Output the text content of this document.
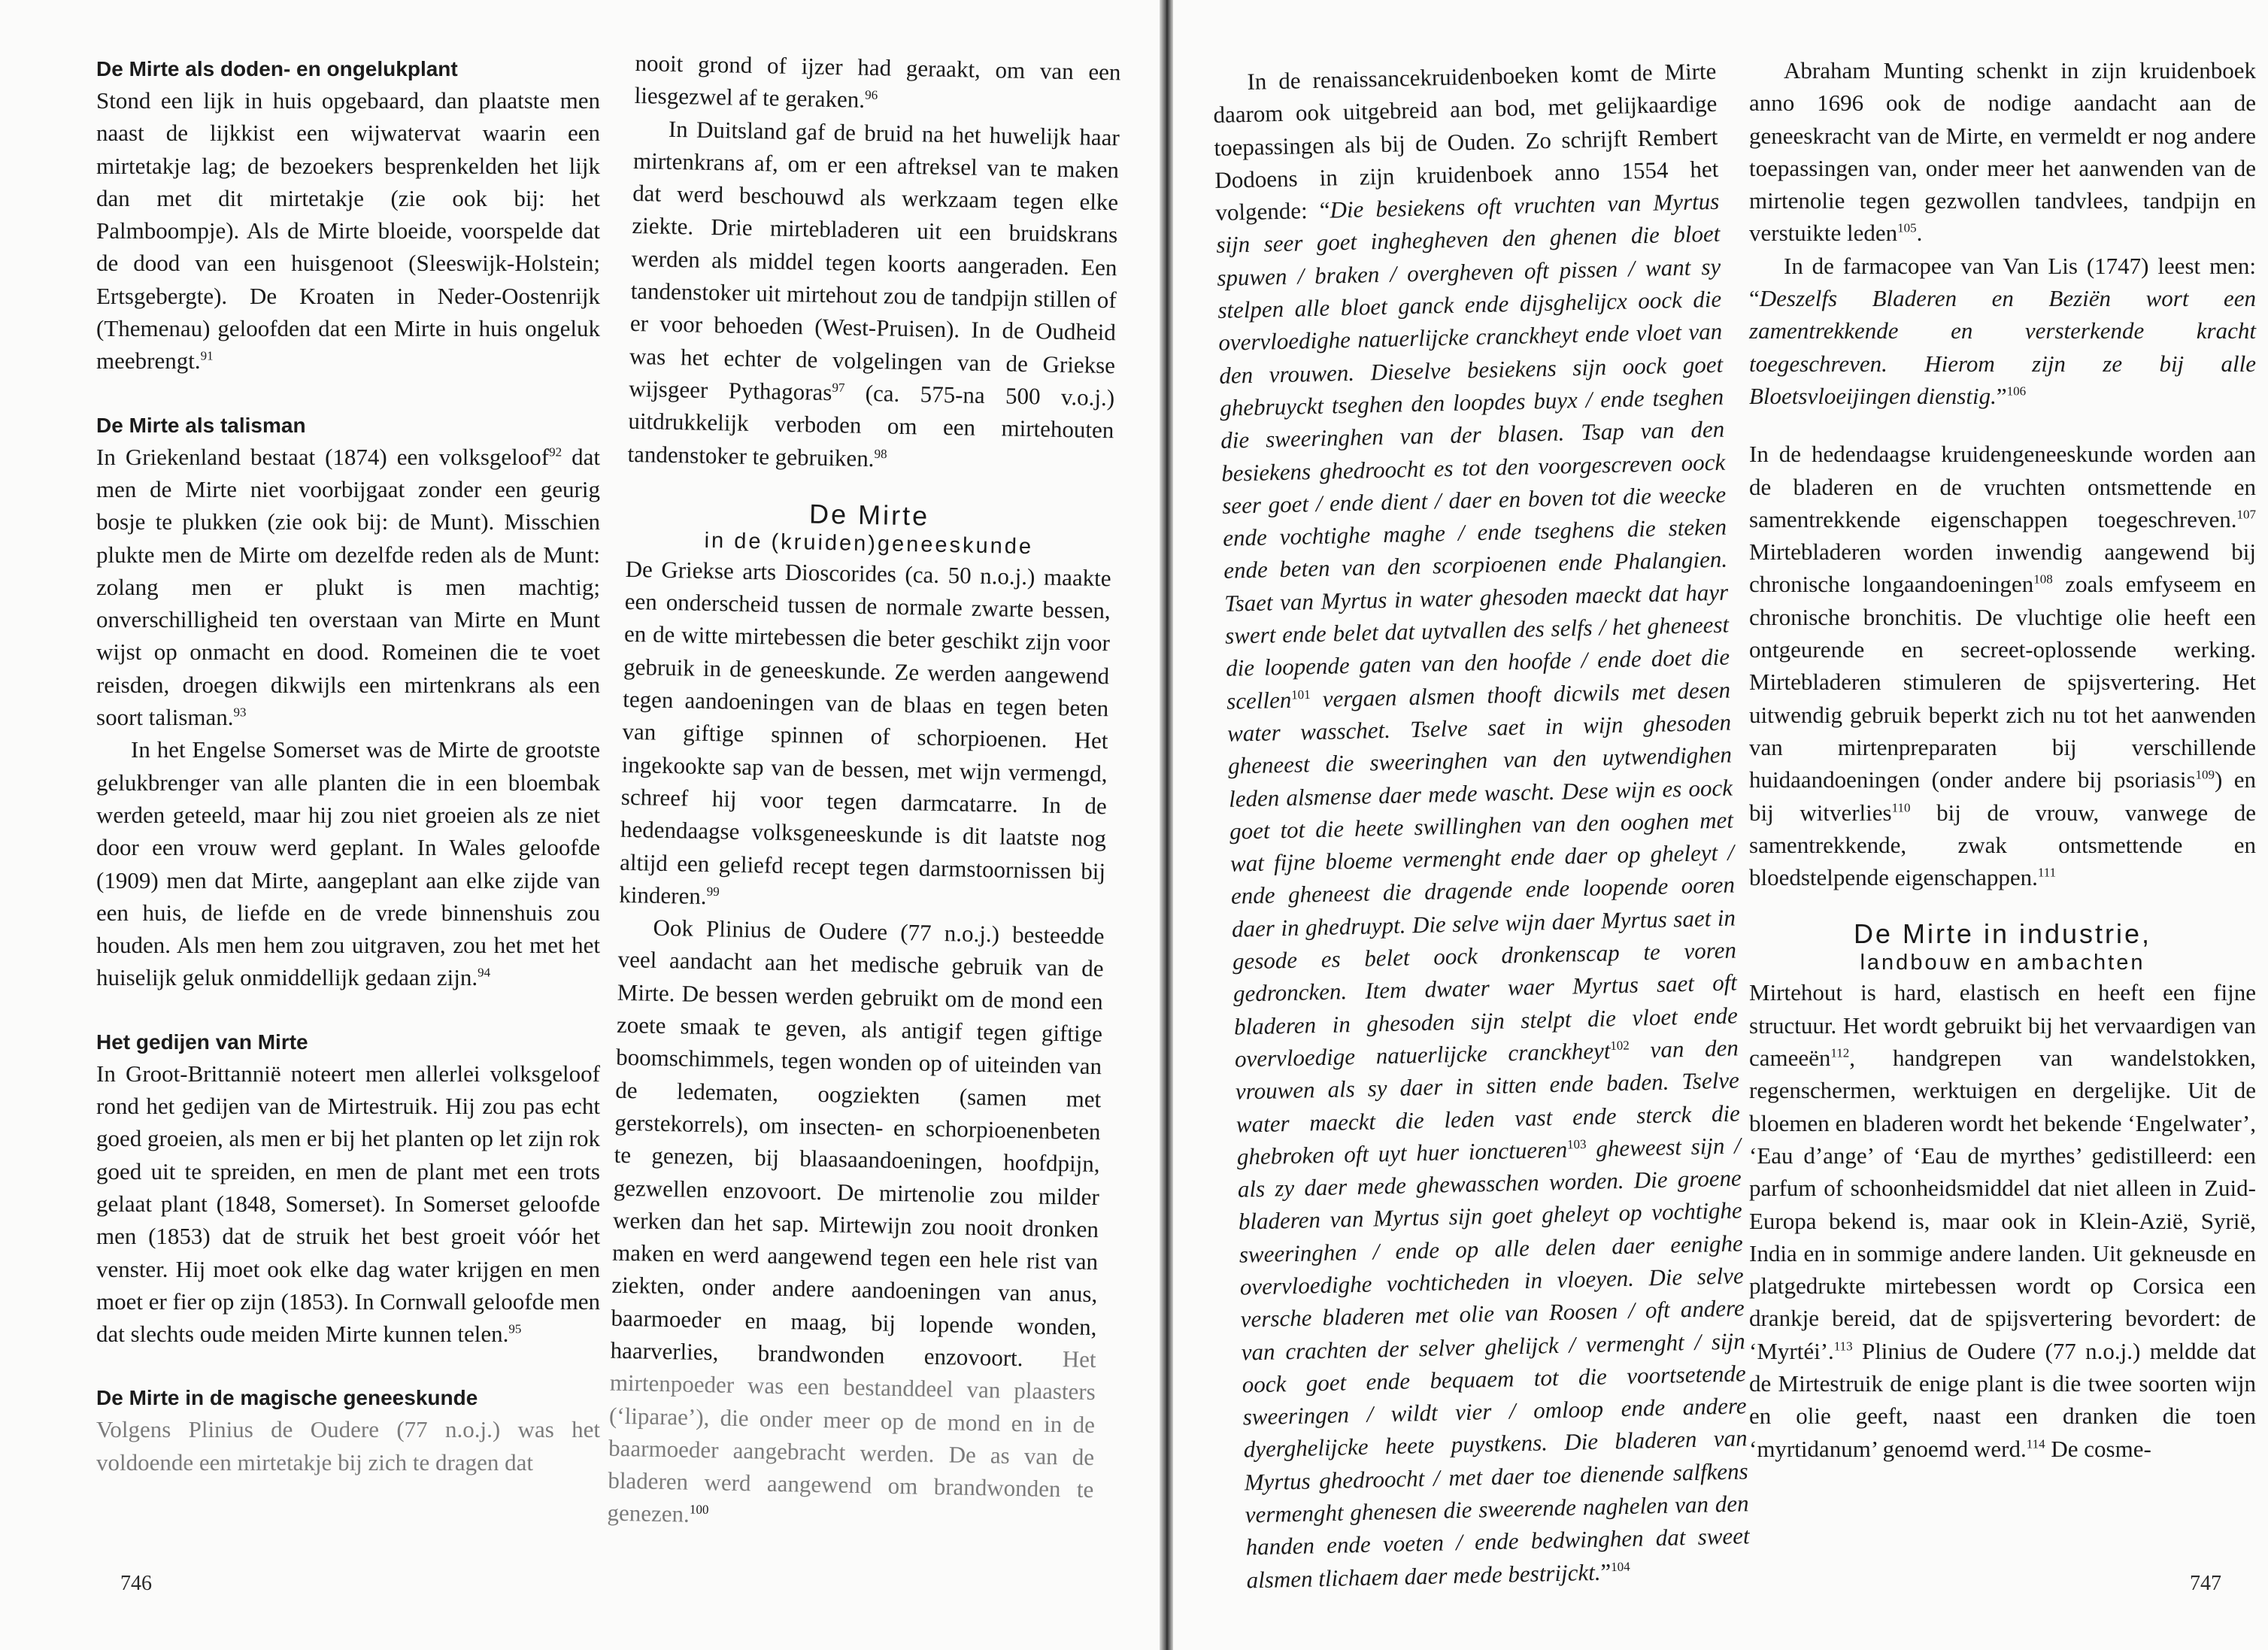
De Mirte als doden- en ongelukplant

Stond een lijk in huis opgebaard, dan plaatste men naast de lijkkist een wijwatervat waarin een mirtetakje lag; de bezoekers besprenkelden het lijk dan met dit mirtetakje (zie ook bij: het Palmboompje). Als de Mirte bloeide, voorspelde dat de dood van een huisgenoot (Sleeswijk-Holstein; Ertsgebergte). De Kroaten in Neder-Oostenrijk (Themenau) geloofden dat een Mirte in huis ongeluk meebrengt.$^{91}$

De Mirte als talisman

In Griekenland bestaat (1874) een volksgeloof$^{92}$ dat men de Mirte niet voorbijgaat zonder een geurig bosje te plukken (zie ook bij: de Munt). Misschien plukte men de Mirte om dezelfde reden als de Munt: zolang men er plukt is men machtig; onverschilligheid ten overstaan van Mirte en Munt wijst op onmacht en dood. Romeinen die te voet reisden, droegen dikwijls een mirtenkrans als een soort talisman.$^{93}$

In het Engelse Somerset was de Mirte de grootste gelukbrenger van alle planten die in een bloembak werden geteeld, maar hij zou niet groeien als ze niet door een vrouw werd geplant. In Wales geloofde (1909) men dat Mirte, aangeplant aan elke zijde van een huis, de liefde en de vrede binnenshuis zou houden. Als men hem zou uitgraven, zou het met het huiselijk geluk onmiddellijk gedaan zijn.$^{94}$

Het gedijen van Mirte

In Groot-Brittannië noteert men allerlei volksgeloof rond het gedijen van de Mirtestruik. Hij zou pas echt goed groeien, als men er bij het planten op let zijn rok goed uit te spreiden, en men de plant met een trots gelaat plant (1848, Somerset). In Somerset geloofde men (1853) dat de struik het best groeit vóór het venster. Hij moet ook elke dag water krijgen en men moet er fier op zijn (1853). In Cornwall geloofde men dat slechts oude meiden Mirte kunnen telen.$^{95}$

De Mirte in de magische geneeskunde

Volgens Plinius de Oudere (77 n.o.j.) was het voldoende een mirtetakje bij zich te dragen dat

nooit grond of ijzer had geraakt, om van een liesgezwel af te geraken.$^{96}$

In Duitsland gaf de bruid na het huwelijk haar mirtenkrans af, om er een aftreksel van te maken dat werd beschouwd als werkzaam tegen elke ziekte. Drie mirtebladeren uit een bruidskrans werden als middel tegen koorts aangeraden. Een tandenstoker uit mirtehout zou de tandpijn stillen of er voor behoeden (West-Pruisen). In de Oudheid was het echter de volgelingen van de Griekse wijsgeer Pythagoras$^{97}$ (ca. 575-na 500 v.o.j.) uitdrukkelijk verboden om een mirtehouten tandenstoker te gebruiken.$^{98}$

De Mirte
in de (kruiden)geneeskunde

De Griekse arts Dioscorides (ca. 50 n.o.j.) maakte een onderscheid tussen de normale zwarte bessen, en de witte mirtebessen die beter geschikt zijn voor gebruik in de geneeskunde. Ze werden aangewend tegen aandoeningen van de blaas en tegen beten van giftige spinnen of schorpioenen. Het ingekookte sap van de bessen, met wijn vermengd, schreef hij voor tegen darmcatarre. In de hedendaagse volksgeneeskunde is dit laatste nog altijd een geliefd recept tegen darmstoornissen bij kinderen.$^{99}$

Ook Plinius de Oudere (77 n.o.j.) besteedde veel aandacht aan het medische gebruik van de Mirte. De bessen werden gebruikt om de mond een zoete smaak te geven, als antigif tegen giftige boomschimmels, tegen wonden op of uiteinden van de ledematen, oogziekten (samen met gerstekorrels), om insecten- en schorpioenenbeten te genezen, bij blaasaandoeningen, hoofdpijn, gezwellen enzovoort. De mirtenolie zou milder werken dan het sap. Mirtewijn zou nooit dronken maken en werd aangewend tegen een hele rist van ziekten, onder andere aandoeningen van anus, baarmoeder en maag, bij lopende wonden, haarverlies, brandwonden enzovoort. Het mirtenpoeder was een bestanddeel van plaasters (‘liparae’), die onder meer op de mond en in de baarmoeder aangebracht werden. De as van de bladeren werd aangewend om brandwonden te genezen.$^{100}$

746

In de renaissancekruidenboeken komt de Mirte daarom ook uitgebreid aan bod, met gelijkaardige toepassingen als bij de Ouden. Zo schrijft Rembert Dodoens in zijn kruidenboek anno 1554 het volgende: “Die besiekens oft vruchten van Myrtus sijn seer goet inghegheven den ghenen die bloet spuwen / braken / overgheven oft pissen / want sy stelpen alle bloet ganck ende dijsghelijcx oock die overvloedighe natuerlijcke cranckheyt ende vloet van den vrouwen. Dieselve besiekens sijn oock goet ghebruyckt tseghen den loopdes buyx / ende tseghen die sweeringhen van der blasen. Tsap van den besiekens ghedroocht es tot den voorgescreven oock seer goet / ende dient / daer en boven tot die weecke ende vochtighe maghe / ende tseghens die steken ende beten van den scorpioenen ende Phalangien. Tsaet van Myrtus in water ghesoden maeckt dat hayr swert ende belet dat uytvallen des selfs / het gheneest die loopende gaten van den hoofde / ende doet die scellen$^{101}$ vergaen alsmen thooft dicwils met desen water wasschet. Tselve saet in wijn ghesoden gheneest die sweeringhen van den uytwendighen leden alsmense daer mede wascht. Dese wijn es oock goet tot die heete swillinghen van den ooghen met wat fijne bloeme vermenght ende daer op gheleyt / ende gheneest die dragende ende loopende ooren daer in ghedruypt. Die selve wijn daer Myrtus saet in gesode es belet oock dronkenscap te voren gedroncken. Item dwater waer Myrtus saet oft bladeren in ghesoden sijn stelpt die vloet ende overvloedige natuerlijcke cranckheyt$^{102}$ van den vrouwen als sy daer in sitten ende baden. Tselve water maeckt die leden vast ende sterck die ghebroken oft uyt huer ionctueren$^{103}$ gheweest sijn / als zy daer mede ghewasschen worden. Die groene bladeren van Myrtus sijn goet gheleyt op vochtighe sweeringhen / ende op alle delen daer eenighe overvloedighe vochticheden in vloeyen. Die selve versche bladeren met olie van Roosen / oft andere van crachten der selver ghelijck / vermenght / sijn oock goet ende bequaem tot die voortsetende sweeringen / wildt vier / omloop ende andere dyerghelijcke heete puystkens. Die bladeren van Myrtus ghedroocht / met daer toe dienende salfkens vermenght ghenesen die sweerende naghelen van den handen ende voeten / ende bedwinghen dat sweet alsmen tlichaem daer mede bestrijckt.”$^{104}$

Abraham Munting schenkt in zijn kruidenboek anno 1696 ook de nodige aandacht aan de geneeskracht van de Mirte, en vermeldt er nog andere toepassingen van, onder meer het aanwenden van de mirtenolie tegen gezwollen tandvlees, tandpijn en verstuikte leden$^{105}$.

In de farmacopee van Van Lis (1747) leest men: “Deszelfs Bladeren en Beziën wort een zamentrekkende en versterkende kracht toegeschreven. Hierom zijn ze bij alle Bloetsvloeijingen dienstig.”$^{106}$

In de hedendaagse kruidengeneeskunde worden aan de bladeren en de vruchten ontsmettende en samentrekkende eigenschappen toegeschreven.$^{107}$ Mirtebladeren worden inwendig aangewend bij chronische longaandoeningen$^{108}$ zoals emfyseem en chronische bronchitis. De vluchtige olie heeft een ontgeurende en secreet-oplossende werking. Mirtebladeren stimuleren de spijsvertering. Het uitwendig gebruik beperkt zich nu tot het aanwenden van mirtenpreparaten bij verschillende huidaandoeningen (onder andere bij psoriasis$^{109}$) en bij witverlies$^{110}$ bij de vrouw, vanwege de samentrekkende, zwak ontsmettende en bloedstelpende eigenschappen.$^{111}$

De Mirte in industrie,
landbouw en ambachten

Mirtehout is hard, elastisch en heeft een fijne structuur. Het wordt gebruikt bij het vervaardigen van cameeën$^{112}$, handgrepen van wandelstokken, regenschermen, werktuigen en dergelijke. Uit de bloemen en bladeren wordt het bekende ‘Engelwater’, ‘Eau d’ange’ of ‘Eau de myrthes’ gedistilleerd: een parfum of schoonheidsmiddel dat niet alleen in Zuid-Europa bekend is, maar ook in Klein-Azië, Syrië, India en in sommige andere landen. Uit gekneusde en platgedrukte mirtebessen wordt op Corsica een drankje bereid, dat de spijsvertering bevordert: de ‘Myrtéi’.$^{113}$ Plinius de Oudere (77 n.o.j.) meldde dat de Mirtestruik de enige plant is die twee soorten wijn en olie geeft, naast een dranken die toen ‘myrtidanum’ genoemd werd.$^{114}$ De cosme-

747
